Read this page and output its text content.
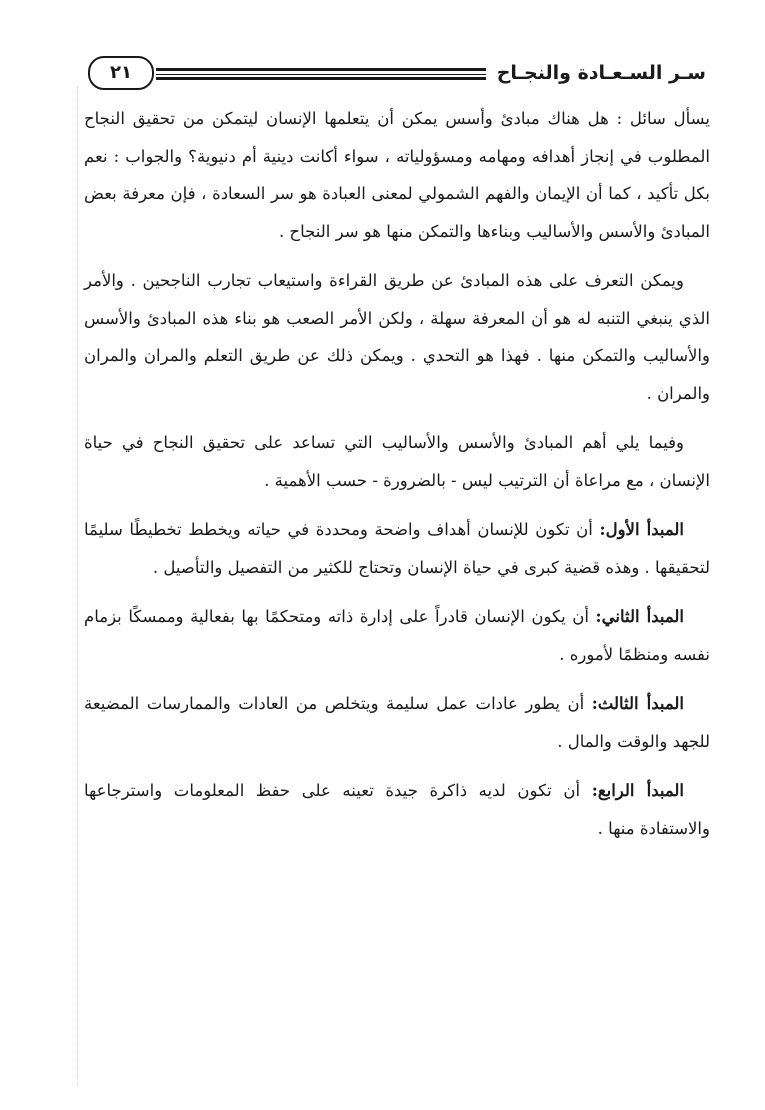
سـر السـعـادة والنجـاح
٢١

يسأل سائل : هل هناك مبادئ وأسس يمكن أن يتعلمها الإنسان ليتمكن من تحقيق النجاح المطلوب في إنجاز أهدافه ومهامه ومسؤولياته ، سواء أكانت دينية أم دنيوية؟ والجواب : نعم بكل تأكيد ، كما أن الإيمان والفهم الشمولي لمعنى العبادة هو سر السعادة ، فإن معرفة بعض المبادئ والأسس والأساليب وبناءها والتمكن منها هو سر النجاح .

ويمكن التعرف على هذه المبادئ عن طريق القراءة واستيعاب تجارب الناجحين . والأمر الذي ينبغي التنبه له هو أن المعرفة سهلة ، ولكن الأمر الصعب هو بناء هذه المبادئ والأسس والأساليب والتمكن منها . فهذا هو التحدي . ويمكن ذلك عن طريق التعلم والمران والمران والمران .

وفيما يلي أهم المبادئ والأسس والأساليب التي تساعد على تحقيق النجاح في حياة الإنسان ، مع مراعاة أن الترتيب ليس - بالضرورة - حسب الأهمية .

المبدأ الأول: أن تكون للإنسان أهداف واضحة ومحددة في حياته ويخطط تخطيطًا سليمًا لتحقيقها . وهذه قضية كبرى في حياة الإنسان وتحتاج للكثير من التفصيل والتأصيل .

المبدأ الثاني: أن يكون الإنسان قادراً على إدارة ذاته ومتحكمًا بها بفعالية وممسكًا بزمام نفسه ومنظمًا لأموره .

المبدأ الثالث: أن يطور عادات عمل سليمة ويتخلص من العادات والممارسات المضيعة للجهد والوقت والمال .

المبدأ الرابع: أن تكون لديه ذاكرة جيدة تعينه على حفظ المعلومات واسترجاعها والاستفادة منها .
